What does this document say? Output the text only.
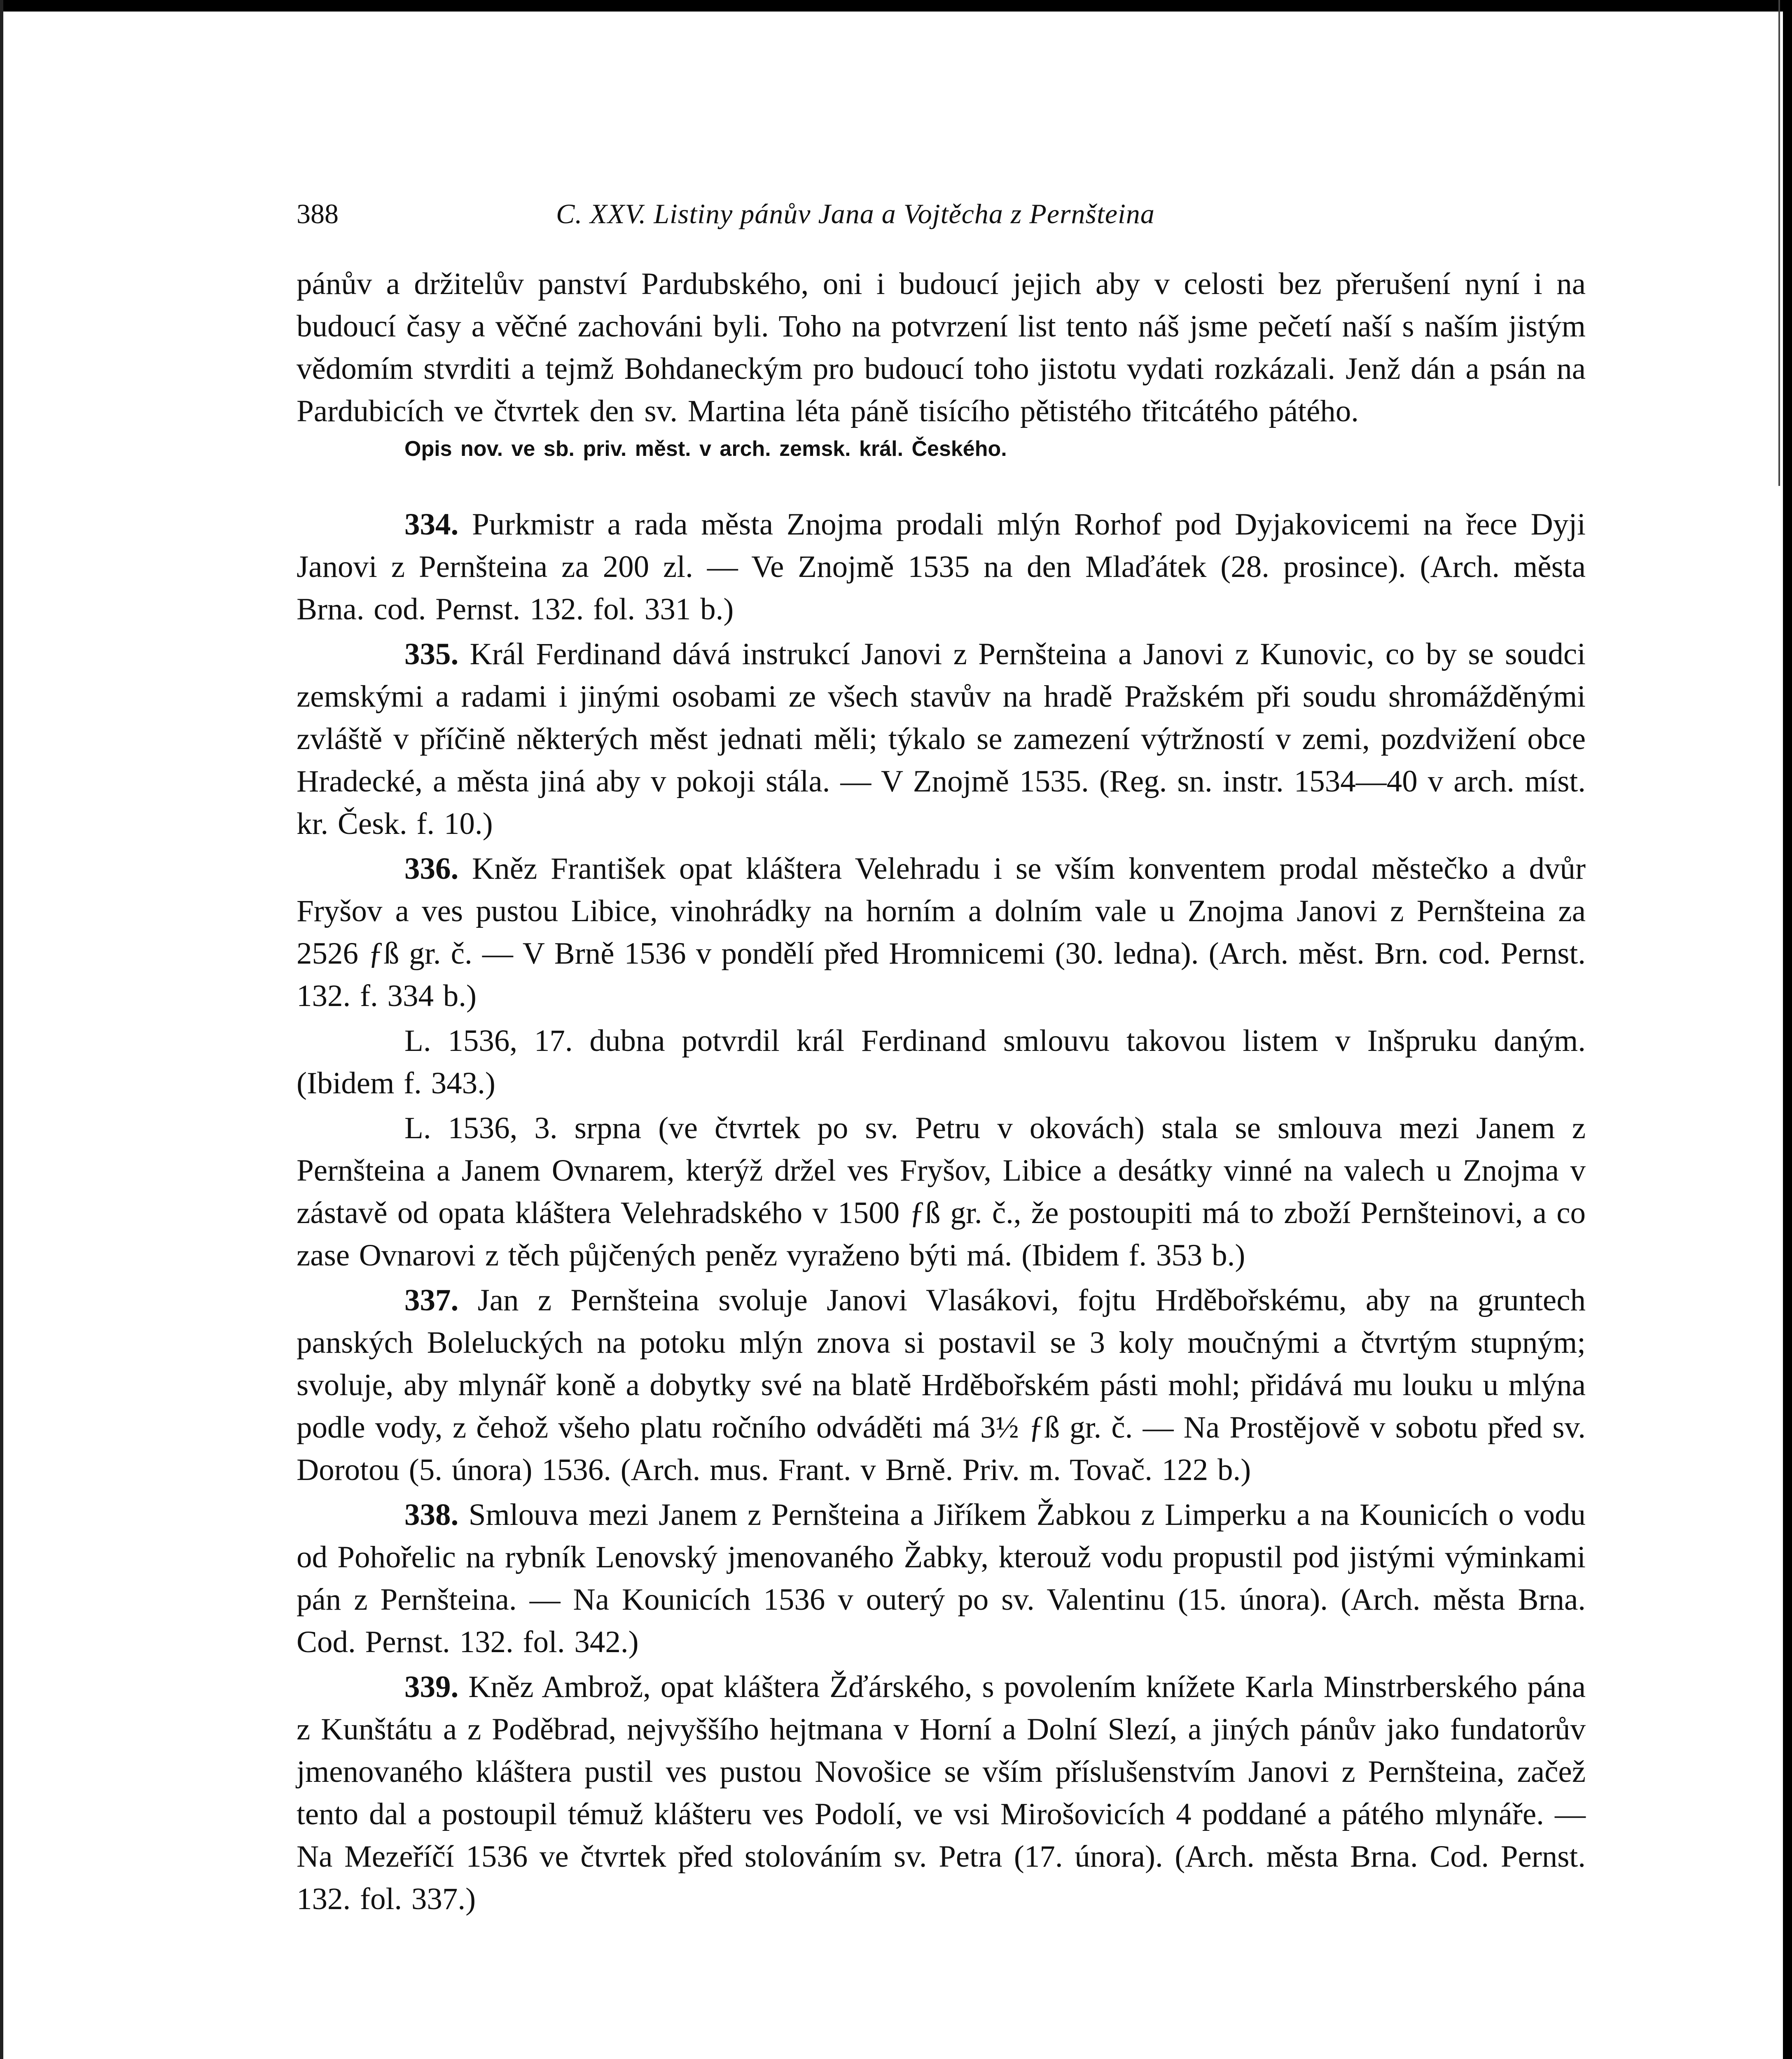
388	C. XXV. Listiny pánův Jana a Vojtěcha z Pernšteina

pánův a držitelův panství Pardubského, oni i budoucí jejich aby v celosti bez přerušení nyní i na budoucí časy a věčné zachováni byli. Toho na potvrzení list tento náš jsme pečetí naší s naším jistým vědomím stvrditi a tejmž Bohdaneckým pro budoucí toho jistotu vydati rozkázali. Jenž dán a psán na Pardubicích ve čtvrtek den sv. Martina léta páně tisícího pětistého třitcátého pátého.

Opis nov. ve sb. priv. měst. v arch. zemsk. král. Českého.

334. Purkmistr a rada města Znojma prodali mlýn Rorhof pod Dyjakovicemi na řece Dyji Janovi z Pernšteina za 200 zl. — Ve Znojmě 1535 na den Mlaďátek (28. prosince). (Arch. města Brna. cod. Pernst. 132. fol. 331 b.)

335. Král Ferdinand dává instrukcí Janovi z Pernšteina a Janovi z Kunovic, co by se soudci zemskými a radami i jinými osobami ze všech stavův na hradě Pražském při soudu shromážděnými zvláště v příčině některých měst jednati měli; týkalo se zamezení výtržností v zemi, pozdvižení obce Hradecké, a města jiná aby v pokoji stála. — V Znojmě 1535. (Reg. sn. instr. 1534—40 v arch. míst. kr. Česk. f. 10.)

336. Kněz František opat kláštera Velehradu i se vším konventem prodal městečko a dvůr Fryšov a ves pustou Libice, vinohrádky na horním a dolním vale u Znojma Janovi z Pernšteina za 2526 ƒß gr. č. — V Brně 1536 v pondělí před Hromnicemi (30. ledna). (Arch. měst. Brn. cod. Pernst. 132. f. 334 b.)

L. 1536, 17. dubna potvrdil král Ferdinand smlouvu takovou listem v Inšpruku daným. (Ibidem f. 343.)

L. 1536, 3. srpna (ve čtvrtek po sv. Petru v okovách) stala se smlouva mezi Janem z Pernšteina a Janem Ovnarem, kterýž držel ves Fryšov, Libice a desátky vinné na valech u Znojma v zástavě od opata kláštera Velehradského v 1500 ƒß gr. č., že postoupiti má to zboží Pernšteinovi, a co zase Ovnarovi z těch půjčených peněz vyraženo býti má. (Ibidem f. 353 b.)

337. Jan z Pernšteina svoluje Janovi Vlasákovi, fojtu Hrděbořskému, aby na gruntech panských Boleluckých na potoku mlýn znova si postavil se 3 koly moučnými a čtvrtým stupným; svoluje, aby mlynář koně a dobytky své na blatě Hrděbořském pásti mohl; přidává mu louku u mlýna podle vody, z čehož všeho platu ročního odváděti má 3½ ƒß gr. č. — Na Prostějově v sobotu před sv. Dorotou (5. února) 1536. (Arch. mus. Frant. v Brně. Priv. m. Tovač. 122 b.)

338. Smlouva mezi Janem z Pernšteina a Jiříkem Žabkou z Limperku a na Kounicích o vodu od Pohořelic na rybník Lenovský jmenovaného Žabky, kterouž vodu propustil pod jistými výminkami pán z Pernšteina. — Na Kounicích 1536 v outerý po sv. Valentinu (15. února). (Arch. města Brna. Cod. Pernst. 132. fol. 342.)

339. Kněz Ambrož, opat kláštera Žďárského, s povolením knížete Karla Minstrberského pána z Kunštátu a z Poděbrad, nejvyššího hejtmana v Horní a Dolní Slezí, a jiných pánův jako fundatorův jmenovaného kláštera pustil ves pustou Novošice se vším příslušenstvím Janovi z Pernšteina, začež tento dal a postoupil témuž klášteru ves Podolí, ve vsi Mirošovicích 4 poddané a pátého mlynáře. — Na Mezeříčí 1536 ve čtvrtek před stolováním sv. Petra (17. února). (Arch. města Brna. Cod. Pernst. 132. fol. 337.)
